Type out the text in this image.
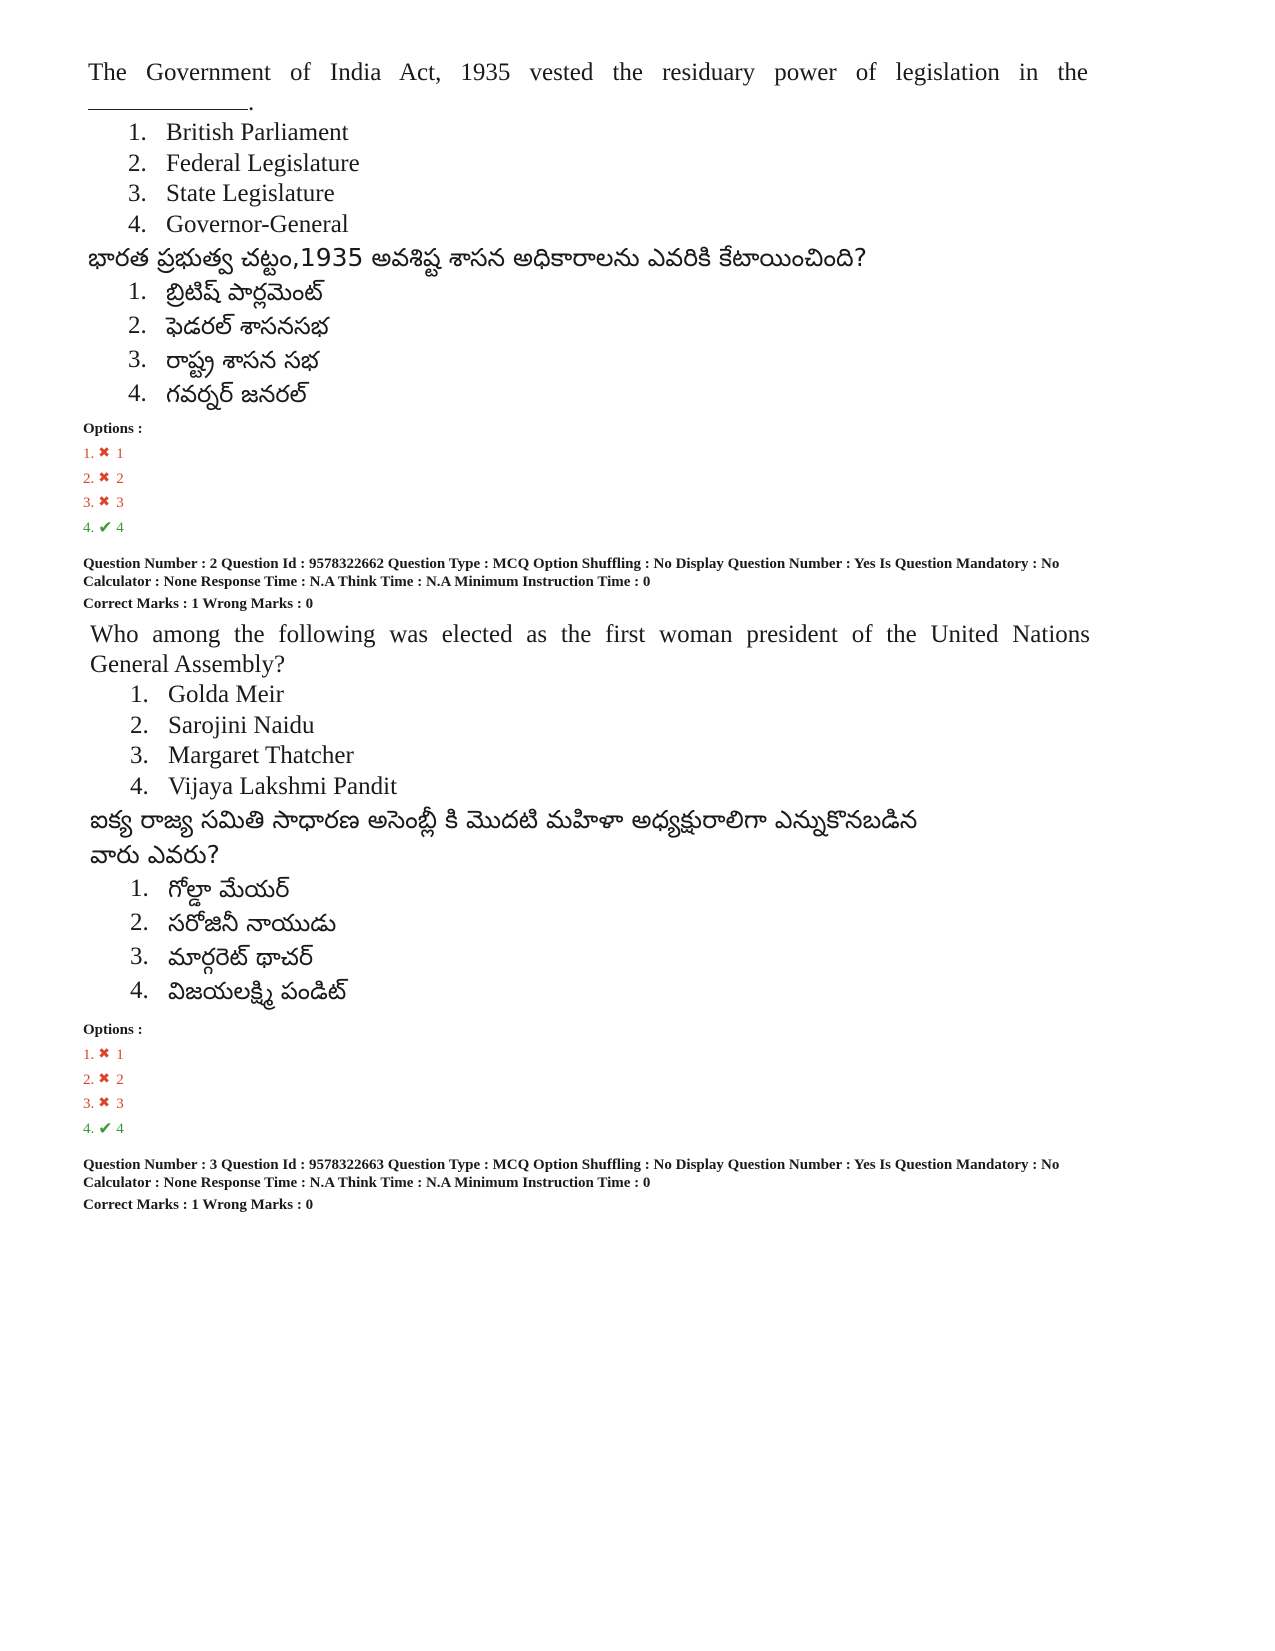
The Government of India Act, 1935 vested the residuary power of legislation in the

.

1. British Parliament
2. Federal Legislature
3. State Legislature
4. Governor-General

భారత ప్రభుత్వ చట్టం,1935 అవశిష్ట శాసన అధికారాలను ఎవరికి కేటాయించింది?

1. బ్రిటిష్ పార్లమెంట్
2. ఫెడరల్ శాసనసభ
3. రాష్ట్ర శాసన సభ
4. గవర్నర్ జనరల్
Options :
1. ✖ 1
2. ✖ 2
3. ✖ 3
4. ✔ 4

Question Number : 2 Question Id : 9578322662 Question Type : MCQ Option Shuffling : No Display Question Number : Yes Is Question Mandatory : No

Calculator : None Response Time : N.A Think Time : N.A Minimum Instruction Time : 0

Correct Marks : 1 Wrong Marks : 0

Who among the following was elected as the first woman president of the United Nations

General Assembly?

1. Golda Meir
2. Sarojini Naidu
3. Margaret Thatcher
4. Vijaya Lakshmi Pandit

ఐక్య రాజ్య సమితి సాధారణ అసెంబ్లీ కి మొదటి మహిళా అధ్యక్షురాలిగా ఎన్నుకొనబడిన

వారు ఎవరు?

1. గోల్డా మేయర్
2. సరోజినీ నాయుడు
3. మార్గరెట్ థాచర్
4. విజయలక్ష్మి పండిట్
Options :
1. ✖ 1
2. ✖ 2
3. ✖ 3
4. ✔ 4

Question Number : 3 Question Id : 9578322663 Question Type : MCQ Option Shuffling : No Display Question Number : Yes Is Question Mandatory : No

Calculator : None Response Time : N.A Think Time : N.A Minimum Instruction Time : 0

Correct Marks : 1 Wrong Marks : 0
